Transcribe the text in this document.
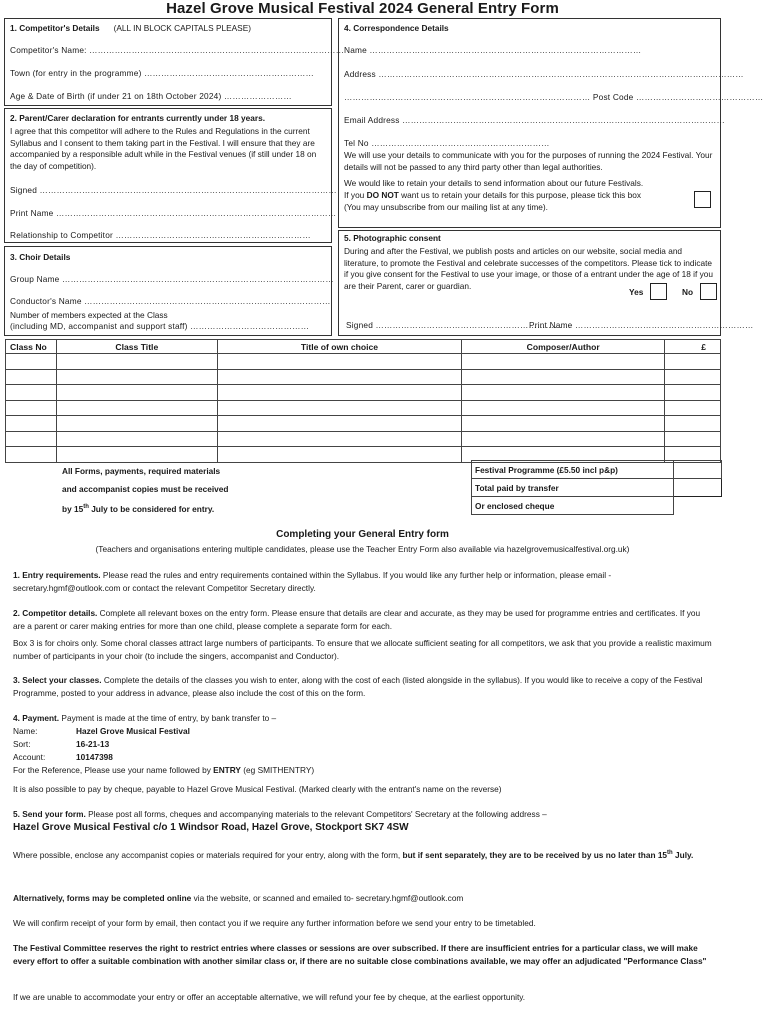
Hazel Grove Musical Festival 2024 General Entry Form
1. Competitor's Details (ALL IN BLOCK CAPITALS PLEASE)
Competitor's Name: ………………………………………………………………………………
Town (for entry in the programme) ……………………………………………………
Age & Date of Birth (if under 21 on 18th October 2024) ……………………
2. Parent/Carer declaration for entrants currently under 18 years.
I agree that this competitor will adhere to the Rules and Regulations in the current Syllabus and I consent to them taking part in the Festival. I will ensure that they are accompanied by a responsible adult while in the Festival venues (if still under 18 on the day of competition).
Signed ……………………………………………………………………………………………
Print Name ………………………………………………………………………………………
Relationship to Competitor ……………………………………………………………
3. Choir Details
Group Name ……………………………………………………………………………………
Conductor's Name ……………………………………………………………………………
Number of members expected at the Class
(including MD, accompanist and support staff) ……………………………………
4. Correspondence Details
Name ……………………………………………………………………………………
Address …………………………………………………………………………………………………………………
…………………………………………………………………………… Post Code ………………………………………
Email Address ……………………………………………………………………………………………………
Tel No ………………………………………………………
We will use your details to communicate with you for the purposes of running the 2024 Festival. Your details will not be passed to any third party other than legal authorities.
We would like to retain your details to send information about our future Festivals.
If you DO NOT want us to retain your details for this purpose, please tick this box
(You may unsubscribe from our mailing list at any time).
5. Photographic consent
During and after the Festival, we publish posts and articles on our website, social media and literature, to promote the Festival and celebrate successes of the competitors. Please tick to indicate if you give consent for the Festival to use your image, or those of a entrant under the age of 18 if you are their Parent, carer or guardian.
Yes	No
Signed ……………………………………………………………
Print Name ………………………………………………………
Class No	Class Title	Title of own choice	Composer/Author	£

All Forms, payments, required materials
and accompanist copies must be received
by 15th July to be considered for entry.
Festival Programme (£5.50 incl p&p)	
Total paid by transfer	
Or enclosed cheque	
Completing your General Entry form
(Teachers and organisations entering multiple candidates, please use the Teacher Entry Form also available via hazelgrovemusicalfestival.org.uk)
1. Entry requirements. Please read the rules and entry requirements contained within the Syllabus. If you would like any further help or information, please email - secretary.hgmf@outlook.com or contact the relevant Competitor Secretary directly.
2. Competitor details. Complete all relevant boxes on the entry form. Please ensure that details are clear and accurate, as they may be used for programme entries and certificates. If you are a parent or carer making entries for more than one child, please complete a separate form for each.
Box 3 is for choirs only. Some choral classes attract large numbers of participants. To ensure that we allocate sufficient seating for all competitors, we ask that you provide a realistic maximum number of participants in your choir (to include the singers, accompanist and Conductor).
3. Select your classes. Complete the details of the classes you wish to enter, along with the cost of each (listed alongside in the syllabus). If you would like to receive a copy of the Festival Programme, posted to your address in advance, please also include the cost of this on the form.
4. Payment. Payment is made at the time of entry, by bank transfer to –
Name:	Hazel Grove Musical Festival
Sort:	16-21-13
Account:	10147398
For the Reference, Please use your name followed by ENTRY (eg SMITHENTRY)
It is also possible to pay by cheque, payable to Hazel Grove Musical Festival. (Marked clearly with the entrant's name on the reverse)
5. Send your form. Please post all forms, cheques and accompanying materials to the relevant Competitors' Secretary at the following address –
Hazel Grove Musical Festival c/o 1 Windsor Road, Hazel Grove, Stockport SK7 4SW
Where possible, enclose any accompanist copies or materials required for your entry, along with the form, but if sent separately, they are to be received by us no later than 15th July.
Alternatively, forms may be completed online via the website, or scanned and emailed to- secretary.hgmf@outlook.com
We will confirm receipt of your form by email, then contact you if we require any further information before we send your entry to be timetabled.
The Festival Committee reserves the right to restrict entries where classes or sessions are over subscribed. If there are insufficient entries for a particular class, we will make every effort to offer a suitable combination with another similar class or, if there are no suitable close combinations available, we may offer an adjudicated "Performance Class"
If we are unable to accommodate your entry or offer an acceptable alternative, we will refund your fee by cheque, at the earliest opportunity.
